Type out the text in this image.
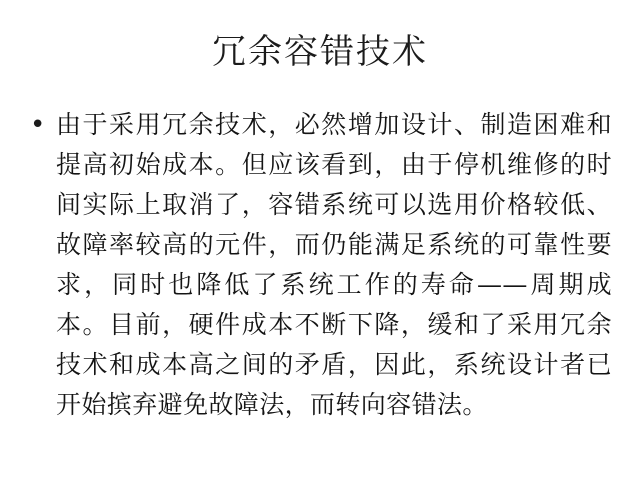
冗余容错技术
• 由于采用冗余技术，必然增加设计、制造困难和提高初始成本。但应该看到，由于停机维修的时间实际上取消了，容错系统可以选用价格较低、故障率较高的元件，而仍能满足系统的可靠性要求，同时也降低了系统工作的寿命——周期成本。目前，硬件成本不断下降，缓和了采用冗余技术和成本高之间的矛盾，因此，系统设计者已开始摈弃避免故障法，而转向容错法。
